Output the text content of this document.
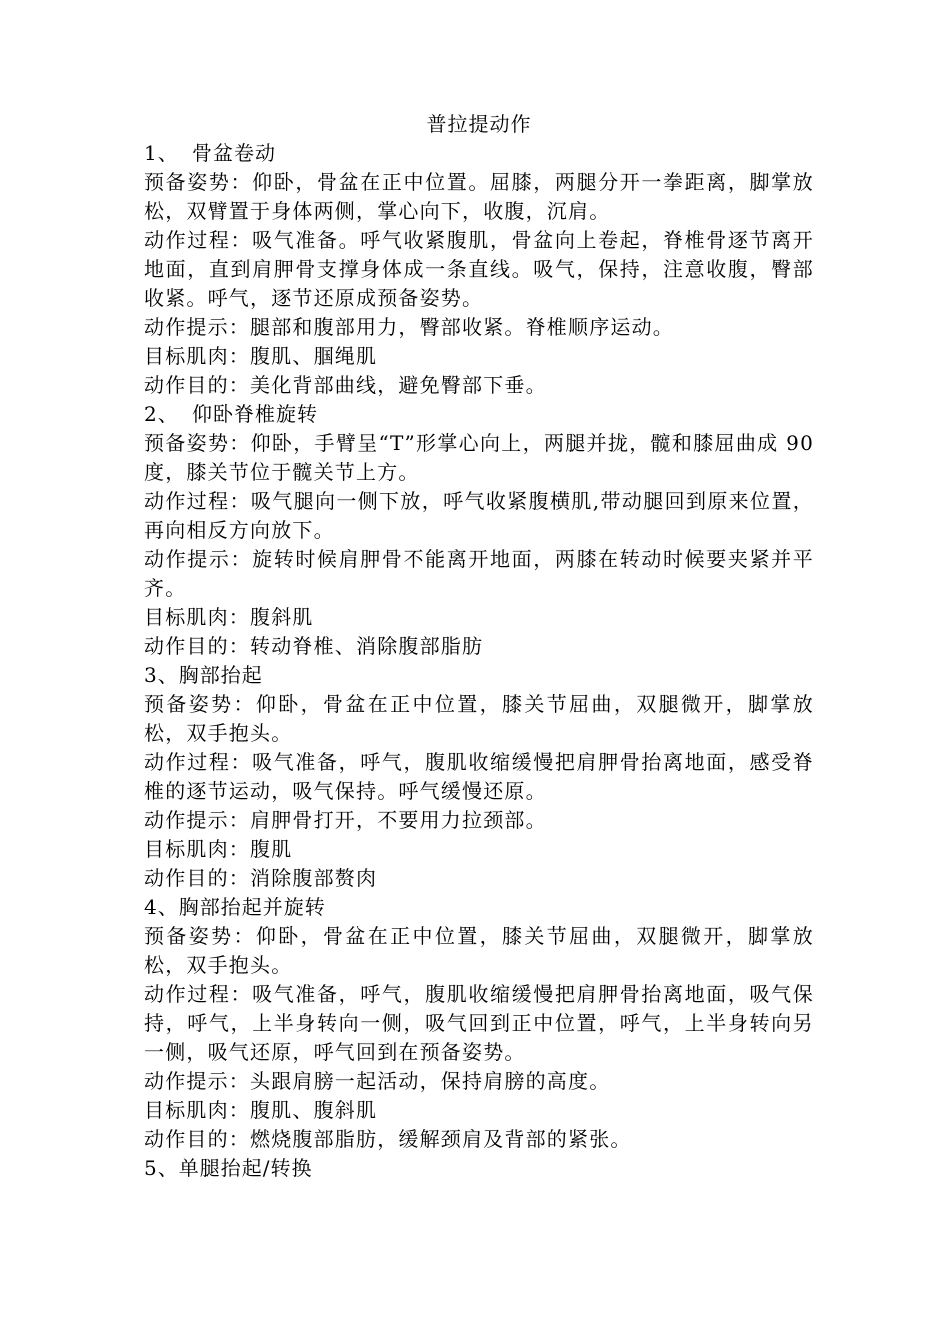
普拉提动作
1、 骨盆卷动

预备姿势：仰卧，骨盆在正中位置。屈膝，两腿分开一拳距离，脚掌放松，双臂置于身体两侧，掌心向下，收腹，沉肩。

动作过程：吸气准备。呼气收紧腹肌，骨盆向上卷起，脊椎骨逐节离开地面，直到肩胛骨支撑身体成一条直线。吸气，保持，注意收腹，臀部收紧。呼气，逐节还原成预备姿势。

动作提示：腿部和腹部用力，臀部收紧。脊椎顺序运动。

目标肌肉：腹肌、腘绳肌

动作目的：美化背部曲线，避免臀部下垂。

2、 仰卧脊椎旋转

预备姿势：仰卧，手臂呈“T”形掌心向上，两腿并拢，髋和膝屈曲成 90 度，膝关节位于髋关节上方。

动作过程：吸气腿向一侧下放，呼气收紧腹横肌,带动腿回到原来位置，再向相反方向放下。

动作提示：旋转时候肩胛骨不能离开地面，两膝在转动时候要夹紧并平齐。

目标肌肉：腹斜肌

动作目的：转动脊椎、消除腹部脂肪

3、胸部抬起

预备姿势：仰卧，骨盆在正中位置，膝关节屈曲，双腿微开，脚掌放松，双手抱头。

动作过程：吸气准备，呼气，腹肌收缩缓慢把肩胛骨抬离地面，感受脊椎的逐节运动，吸气保持。呼气缓慢还原。

动作提示：肩胛骨打开，不要用力拉颈部。

目标肌肉：腹肌

动作目的：消除腹部赘肉

4、胸部抬起并旋转

预备姿势：仰卧，骨盆在正中位置，膝关节屈曲，双腿微开，脚掌放松，双手抱头。

动作过程：吸气准备，呼气，腹肌收缩缓慢把肩胛骨抬离地面，吸气保持，呼气，上半身转向一侧，吸气回到正中位置，呼气，上半身转向另一侧，吸气还原，呼气回到在预备姿势。

动作提示：头跟肩膀一起活动，保持肩膀的高度。

目标肌肉：腹肌、腹斜肌

动作目的：燃烧腹部脂肪，缓解颈肩及背部的紧张。

5、单腿抬起/转换
